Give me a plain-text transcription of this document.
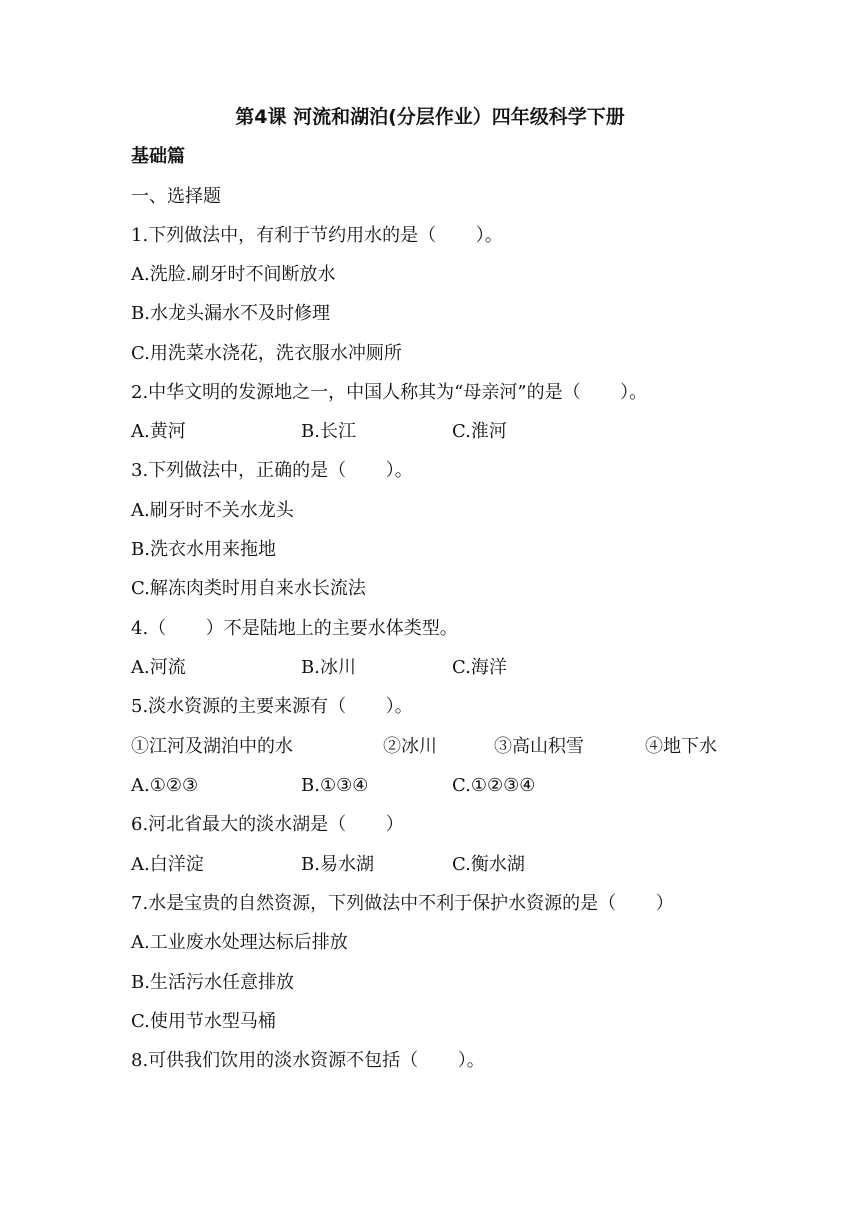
第4课 河流和湖泊(分层作业）四年级科学下册
基础篇
一、选择题
1.下列做法中，有利于节约用水的是（ ）。
A.洗脸.刷牙时不间断放水
B.水龙头漏水不及时修理
C.用洗菜水浇花，洗衣服水冲厕所
2.中华文明的发源地之一，中国人称其为“母亲河”的是（ ）。
A.黄河	B.长江	C.淮河
3.下列做法中，正确的是（ ）。
A.刷牙时不关水龙头
B.洗衣水用来拖地
C.解冻肉类时用自来水长流法
4.（ ）不是陆地上的主要水体类型。
A.河流	B.冰川	C.海洋
5.淡水资源的主要来源有（ ）。
①江河及湖泊中的水	②冰川	③高山积雪	④地下水
A.①②③	B.①③④	C.①②③④
6.河北省最大的淡水湖是（ ）
A.白洋淀	B.易水湖	C.衡水湖
7.水是宝贵的自然资源，下列做法中不利于保护水资源的是（ ）
A.工业废水处理达标后排放
B.生活污水任意排放
C.使用节水型马桶
8.可供我们饮用的淡水资源不包括（ ）。
